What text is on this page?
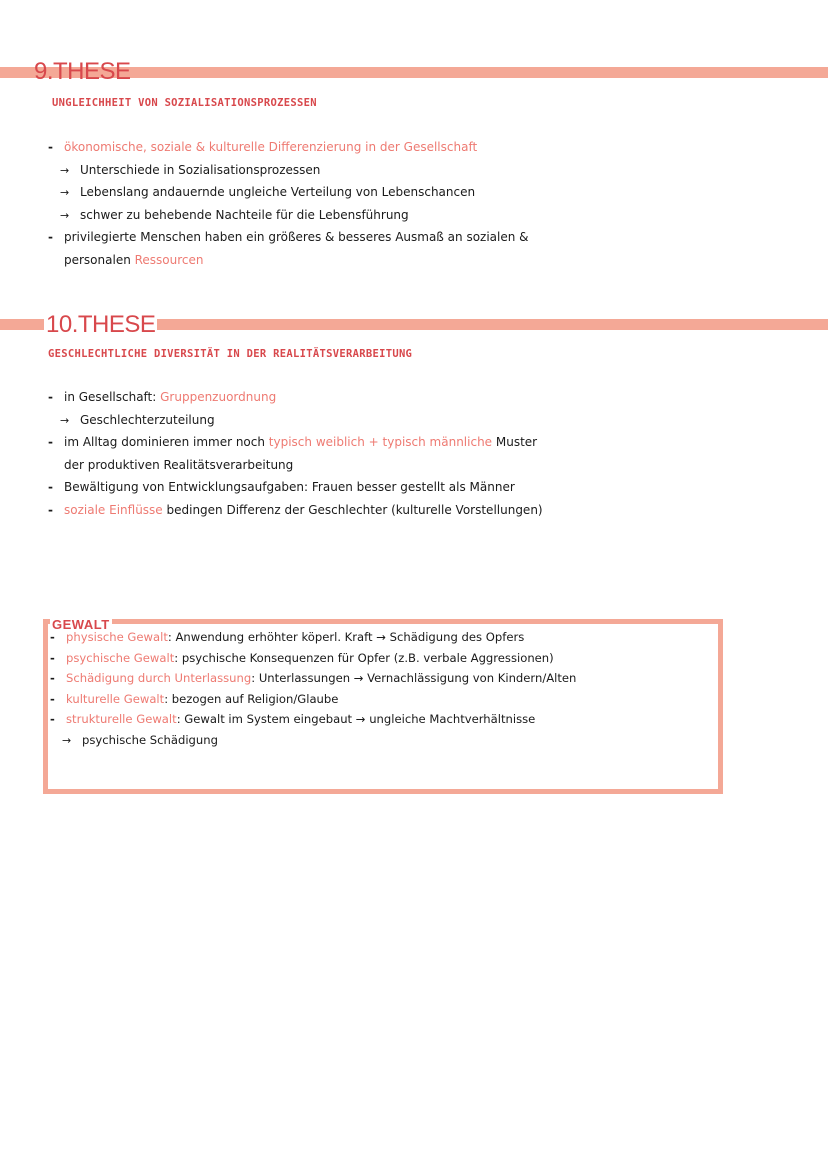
9.THESE
UNGLEICHHEIT VON SOZIALISATIONSPROZESSEN
- ökonomische, soziale & kulturelle Differenzierung in der Gesellschaft
→ Unterschiede in Sozialisationsprozessen
→ Lebenslang andauernde ungleiche Verteilung von Lebenschancen
→ schwer zu behebende Nachteile für die Lebensführung
- privilegierte Menschen haben ein größeres & besseres Ausmaß an sozialen &
personalen Ressourcen
10.THESE
GESCHLECHTLICHE DIVERSITÄT IN DER REALITÄTSVERARBEITUNG
- in Gesellschaft: Gruppenzuordnung
→ Geschlechterzuteilung
- im Alltag dominieren immer noch typisch weiblich + typisch männliche Muster
der produktiven Realitätsverarbeitung
- Bewältigung von Entwicklungsaufgaben: Frauen besser gestellt als Männer
- soziale Einflüsse bedingen Differenz der Geschlechter (kulturelle Vorstellungen)
GEWALT
- physische Gewalt: Anwendung erhöhter köperl. Kraft → Schädigung des Opfers
- psychische Gewalt: psychische Konsequenzen für Opfer (z.B. verbale Aggressionen)
- Schädigung durch Unterlassung: Unterlassungen → Vernachlässigung von Kindern/Alten
- kulturelle Gewalt: bezogen auf Religion/Glaube
- strukturelle Gewalt: Gewalt im System eingebaut → ungleiche Machtverhältnisse
→ psychische Schädigung
